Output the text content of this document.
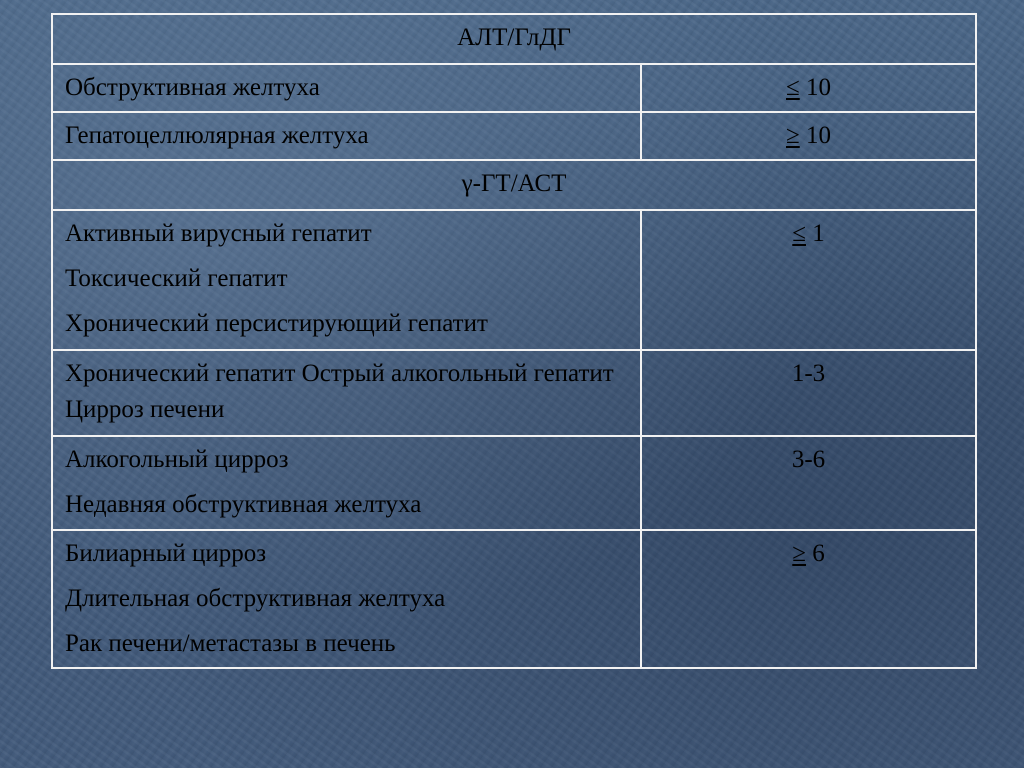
АЛТ/ГлДГ	
Обструктивная желтуха	≤ 10
Гепатоцеллюлярная желтуха	≥ 10
γ-ГТ/АСТ	

Активный вирусный гепатит
Токсический гепатит
Хронический персистирующий гепатит	≤ 1
Хронический гепатит Острый алкогольный гепатит Цирроз печени	1-3

Алкогольный цирроз
Недавняя обструктивная желтуха	3-6

Билиарный цирроз
Длительная обструктивная желтуха
Рак печени/метастазы в печень	≥ 6
